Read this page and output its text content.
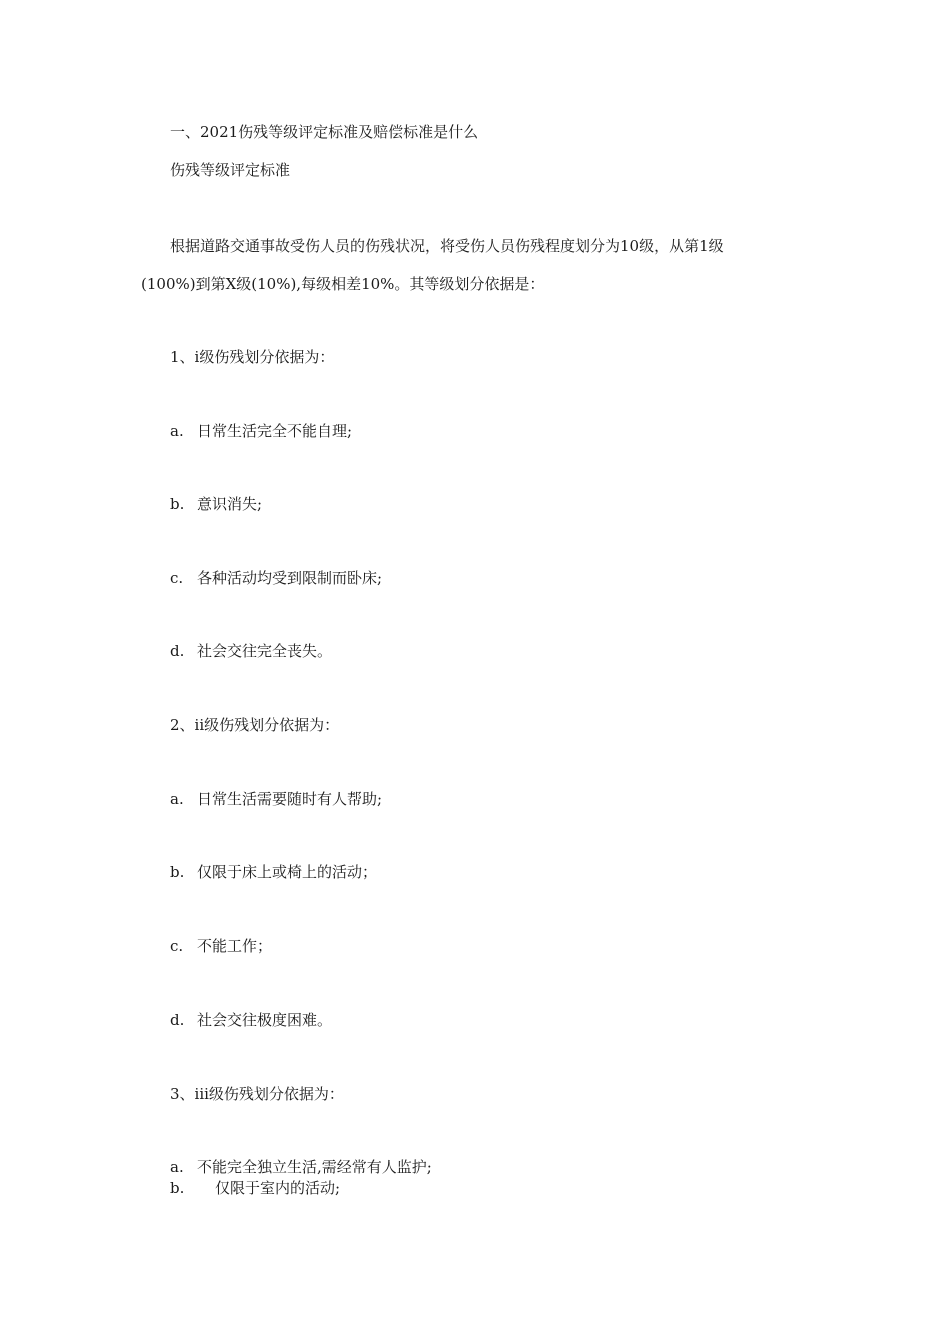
一、2021伤残等级评定标准及赔偿标准是什么

伤残等级评定标准

根据道路交通事故受伤人员的伤残状况，将受伤人员伤残程度划分为10级，从第1级

(100%)到第X级(10%),每级相差10%。其等级划分依据是：

1、i级伤残划分依据为：

a. 日常生活完全不能自理;

b. 意识消失;

c. 各种活动均受到限制而卧床;

d. 社会交往完全丧失。

2、ii级伤残划分依据为：

a. 日常生活需要随时有人帮助;

b. 仅限于床上或椅上的活动；

c. 不能工作；

d. 社会交往极度困难。

3、iii级伤残划分依据为：

a. 不能完全独立生活,需经常有人监护;

b. 仅限于室内的活动;
